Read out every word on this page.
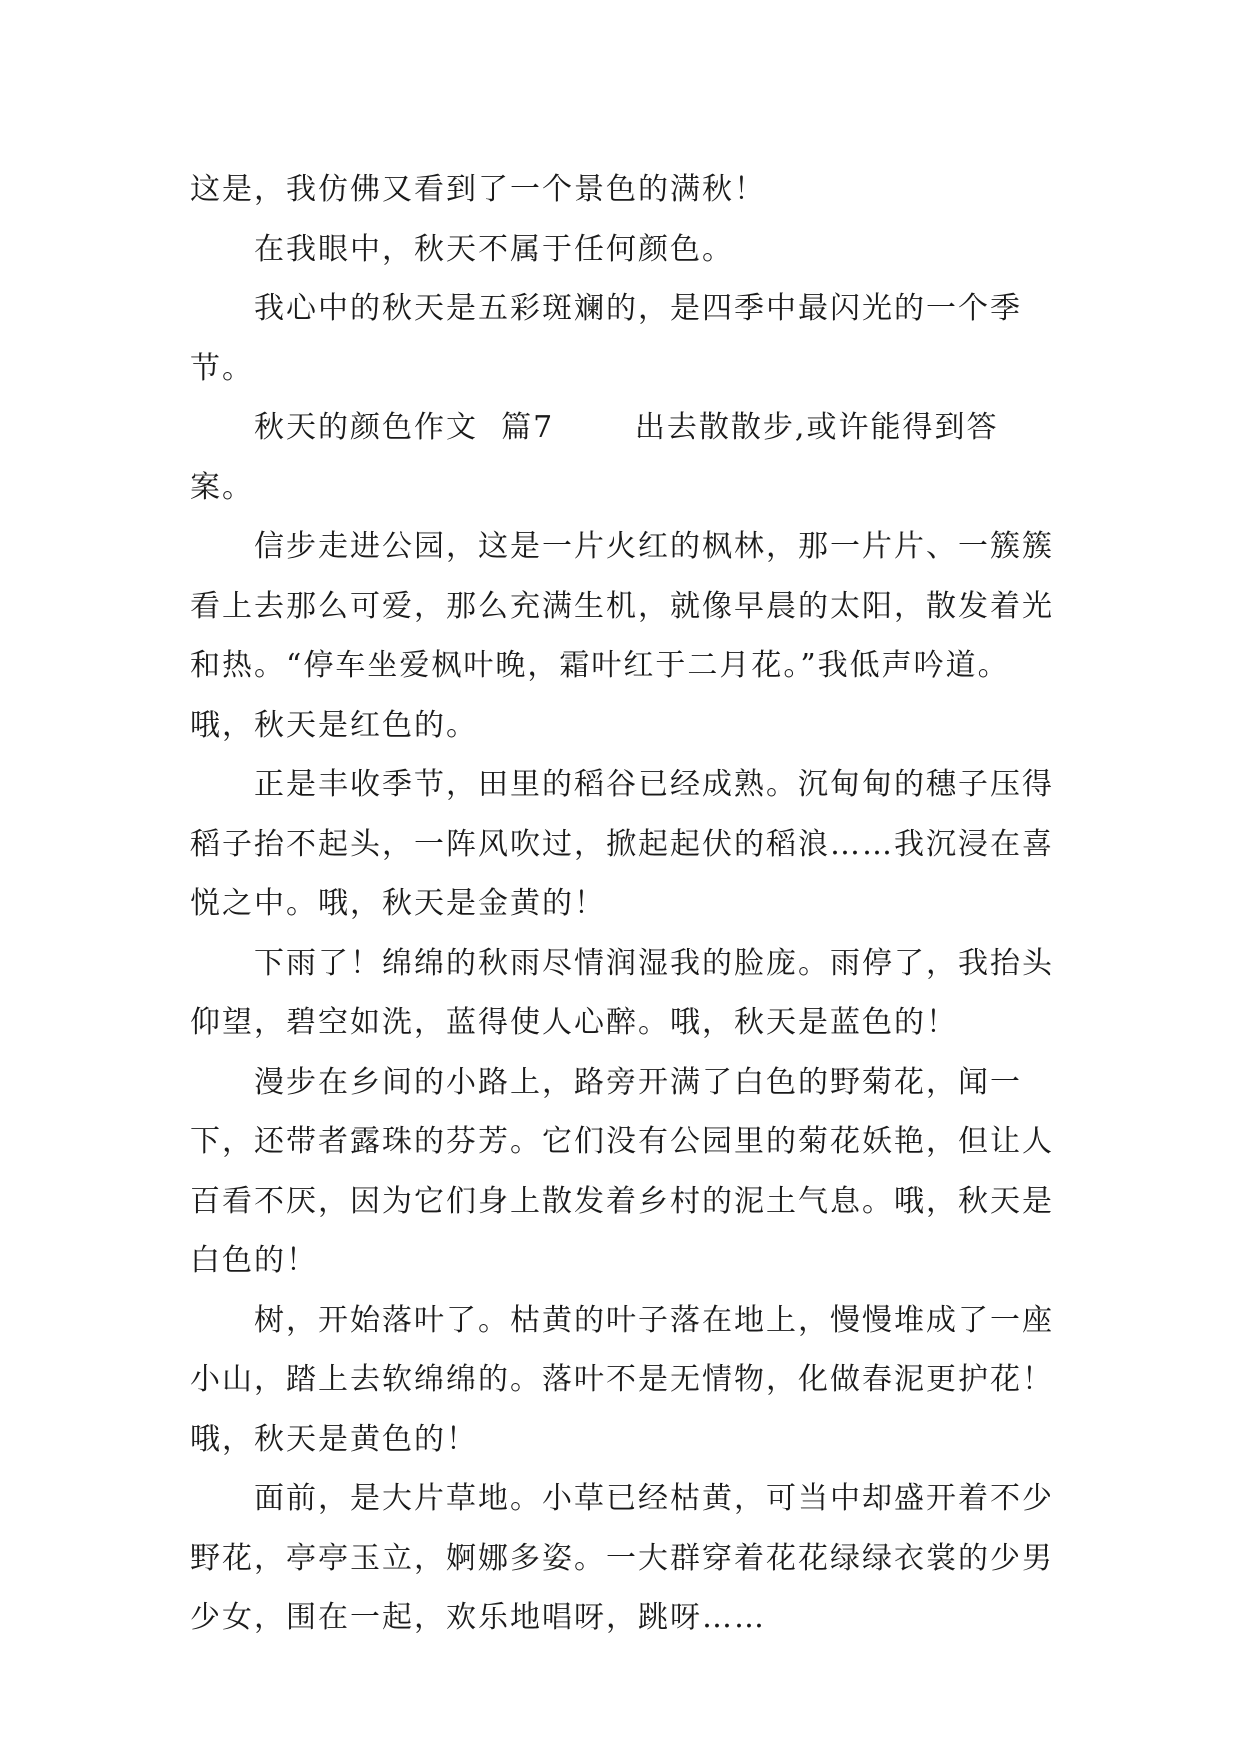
这是，我仿佛又看到了一个景色的满秋！

在我眼中，秋天不属于任何颜色。

我心中的秋天是五彩斑斓的，是四季中最闪光的一个季节。

秋天的颜色作文  篇7       出去散散步,或许能得到答案。

信步走进公园，这是一片火红的枫林，那一片片、一簇簇看上去那么可爱，那么充满生机，就像早晨的太阳，散发着光和热。“停车坐爱枫叶晚，霜叶红于二月花。”我低声吟道。哦，秋天是红色的。

正是丰收季节，田里的稻谷已经成熟。沉甸甸的穗子压得稻子抬不起头，一阵风吹过，掀起起伏的稻浪……我沉浸在喜悦之中。哦，秋天是金黄的！

下雨了！绵绵的秋雨尽情润湿我的脸庞。雨停了，我抬头仰望，碧空如洗，蓝得使人心醉。哦，秋天是蓝色的！

漫步在乡间的小路上，路旁开满了白色的野菊花，闻一下，还带者露珠的芬芳。它们没有公园里的菊花妖艳，但让人百看不厌，因为它们身上散发着乡村的泥土气息。哦，秋天是白色的！

树，开始落叶了。枯黄的叶子落在地上，慢慢堆成了一座小山，踏上去软绵绵的。落叶不是无情物，化做春泥更护花！哦，秋天是黄色的！

面前，是大片草地。小草已经枯黄，可当中却盛开着不少野花，亭亭玉立，婀娜多姿。一大群穿着花花绿绿衣裳的少男少女，围在一起，欢乐地唱呀，跳呀……
